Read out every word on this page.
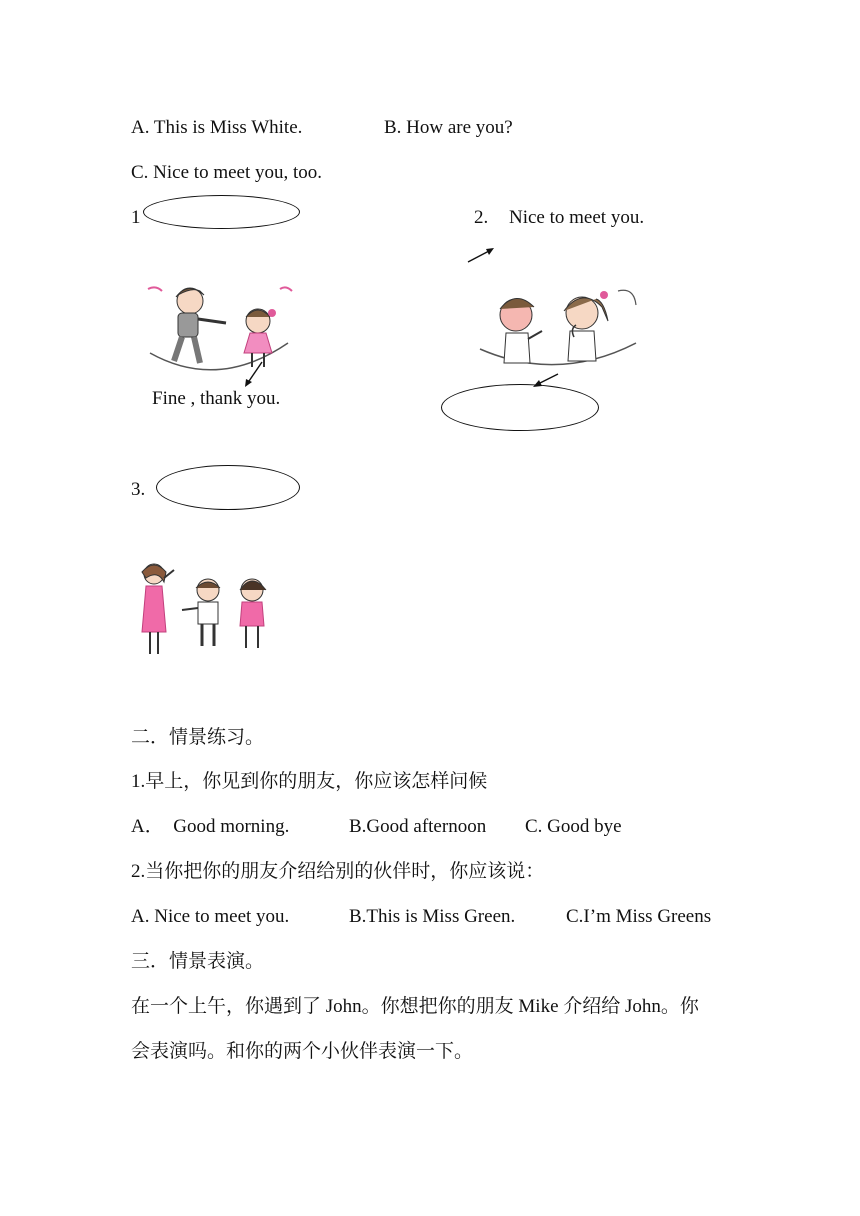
A. This is Miss White.	B. How are you?
C. Nice to meet you, too.
1
Fine , thank you.
2. Nice to meet you.
3.
二．情景练习。
1.早上，你见到你的朋友，你应该怎样问候
A．  Good morning.	B.Good afternoon C. Good bye
2.当你把你的朋友介绍给别的伙伴时，你应该说：
A. Nice to meet you.	B.This is Miss Green.	C.I’m Miss Greens
三．情景表演。
在一个上午，你遇到了 John。你想把你的朋友 Mike 介绍给 John。你
会表演吗。和你的两个小伙伴表演一下。
